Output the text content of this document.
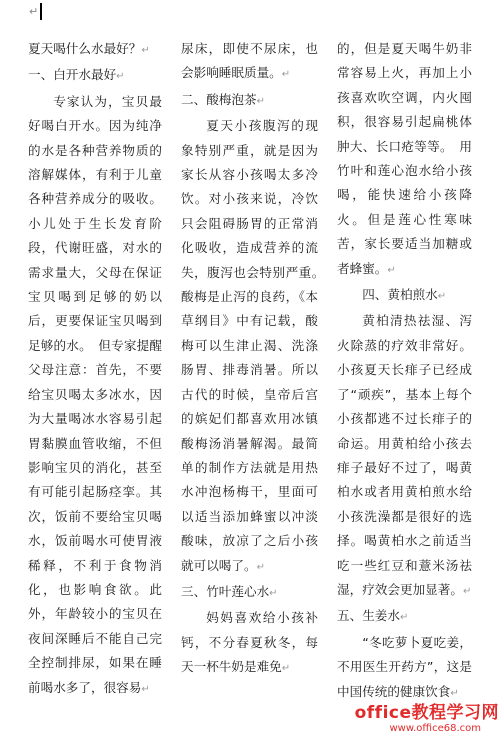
↵
夏天喝什么水最好？↵
一、白开水最好↵
专家认为，宝贝最好喝白开水。因为纯净的水是各种营养物质的溶解媒体，有利于儿童各种营养成分的吸收。小儿处于生长发育阶段，代谢旺盛，对水的需求量大，父母在保证宝贝喝到足够的奶以后，更要保证宝贝喝到足够的水。　但专家提醒父母注意：首先，不要给宝贝喝太多冰水，因为大量喝冰水容易引起胃黏膜血管收缩，不但影响宝贝的消化，甚至有可能引起肠痉挛。其次，饭前不要给宝贝喝水，饭前喝水可使胃液稀释，不利于食物消化，也影响食欲。此外，年龄较小的宝贝在夜间深睡后不能自己完全控制排尿，如果在睡前喝水多了，很容易↵
尿床，即使不尿床，也会影响睡眠质量。↵
二、酸梅泡茶↵
夏天小孩腹泻的现象特别严重，就是因为家长从容小孩喝太多冷饮。对小孩来说，冷饮只会阻碍肠胃的正常消化吸收，造成营养的流失，腹泻也会特别严重。　酸梅是止泻的良药，《本草纲目》中有记载，酸梅可以生津止渴、洗涤肠胃、排毒消暑。所以古代的时候，皇帝后宫的嫔妃们都喜欢用冰镇酸梅汤消暑解渴。最简单的制作方法就是用热水冲泡杨梅干，里面可以适当添加蜂蜜以冲淡酸味，放凉了之后小孩就可以喝了。↵
三、竹叶莲心水↵
妈妈喜欢给小孩补钙，不分春夏秋冬，每天一杯牛奶是难免↵
的，但是夏天喝牛奶非常容易上火，再加上小孩喜欢吹空调，内火囤积，很容易引起扁桃体肿大、长口疮等等。　用竹叶和莲心泡水给小孩喝，能快速给小孩降火。但是莲心性寒味苦，家长要适当加糖或者蜂蜜。↵
四、黄柏煎水↵
黄柏清热祛湿、泻火除蒸的疗效非常好。小孩夏天长痱子已经成了“顽疾”，基本上每个小孩都逃不过长痱子的命运。用黄柏给小孩去痱子最好不过了，喝黄柏水或者用黄柏煎水给小孩洗澡都是很好的选择。喝黄柏水之前适当吃一些红豆和薏米汤祛湿，疗效会更加显著。↵
五、生姜水↵
“冬吃萝卜夏吃姜，不用医生开药方”，这是中国传统的健康饮食↵
office教程学习网
www.office68.com
